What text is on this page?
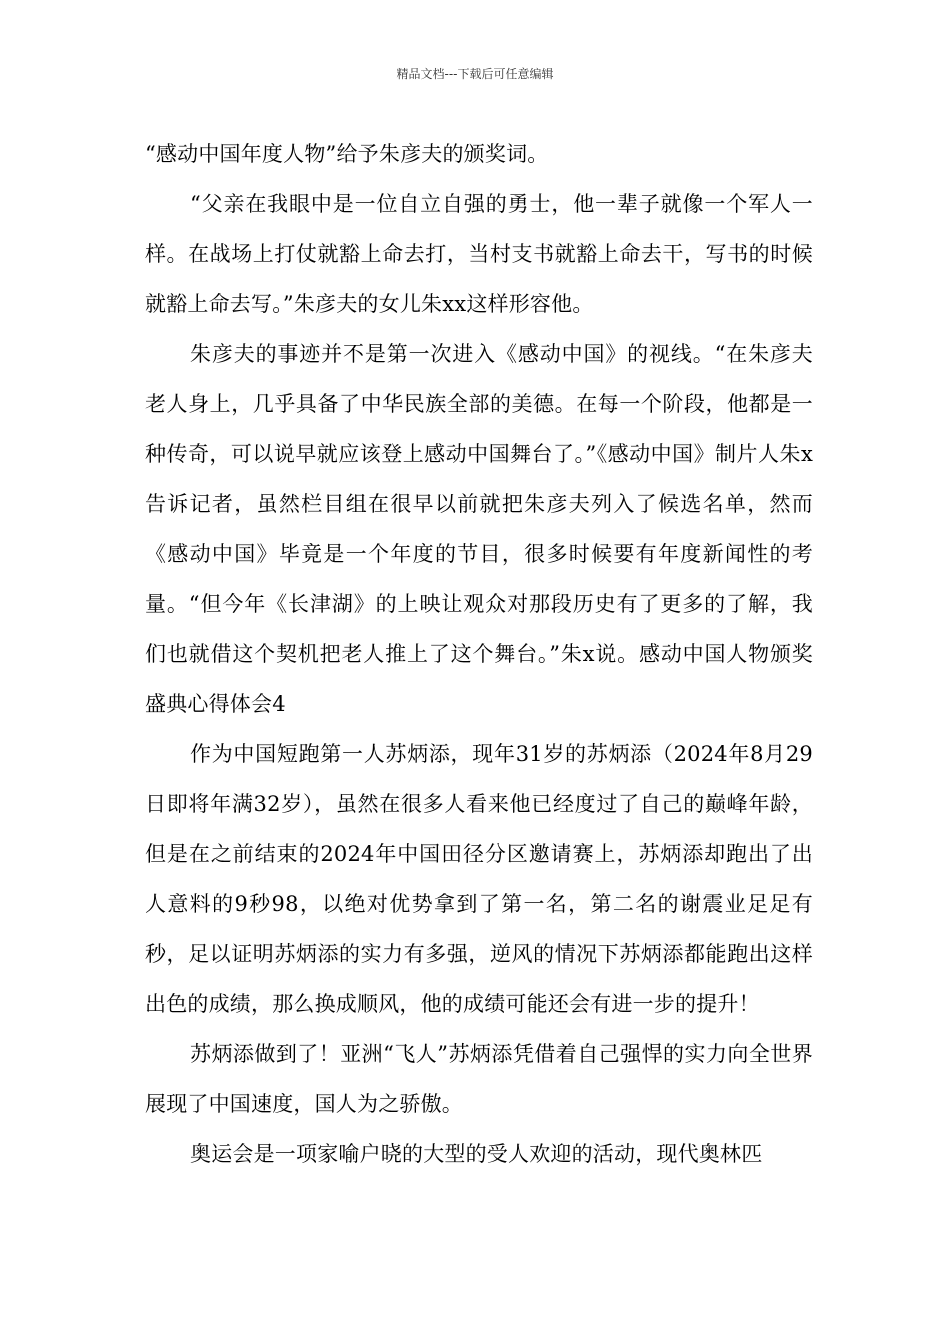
精品文档---下载后可任意编辑

“感动中国年度人物”给予朱彦夫的颁奖词。

“父亲在我眼中是一位自立自强的勇士，他一辈子就像一个军人一样。在战场上打仗就豁上命去打，当村支书就豁上命去干，写书的时候就豁上命去写。”朱彦夫的女儿朱xx这样形容他。

朱彦夫的事迹并不是第一次进入《感动中国》的视线。“在朱彦夫老人身上，几乎具备了中华民族全部的美德。在每一个阶段，他都是一种传奇，可以说早就应该登上感动中国舞台了。”《感动中国》制片人朱x告诉记者，虽然栏目组在很早以前就把朱彦夫列入了候选名单，然而《感动中国》毕竟是一个年度的节目，很多时候要有年度新闻性的考量。“但今年《长津湖》的上映让观众对那段历史有了更多的了解，我们也就借这个契机把老人推上了这个舞台。”朱x说。感动中国人物颁奖盛典心得体会4

作为中国短跑第一人苏炳添，现年31岁的苏炳添（2024年8月29日即将年满32岁），虽然在很多人看来他已经度过了自己的巅峰年龄，但是在之前结束的2024年中国田径分区邀请赛上，苏炳添却跑出了出人意料的9秒98，以绝对优势拿到了第一名，第二名的谢震业足足有秒，足以证明苏炳添的实力有多强，逆风的情况下苏炳添都能跑出这样出色的成绩，那么换成顺风，他的成绩可能还会有进一步的提升！

苏炳添做到了！亚洲“飞人”苏炳添凭借着自己强悍的实力向全世界展现了中国速度，国人为之骄傲。

奥运会是一项家喻户晓的大型的受人欢迎的活动，现代奥林匹
